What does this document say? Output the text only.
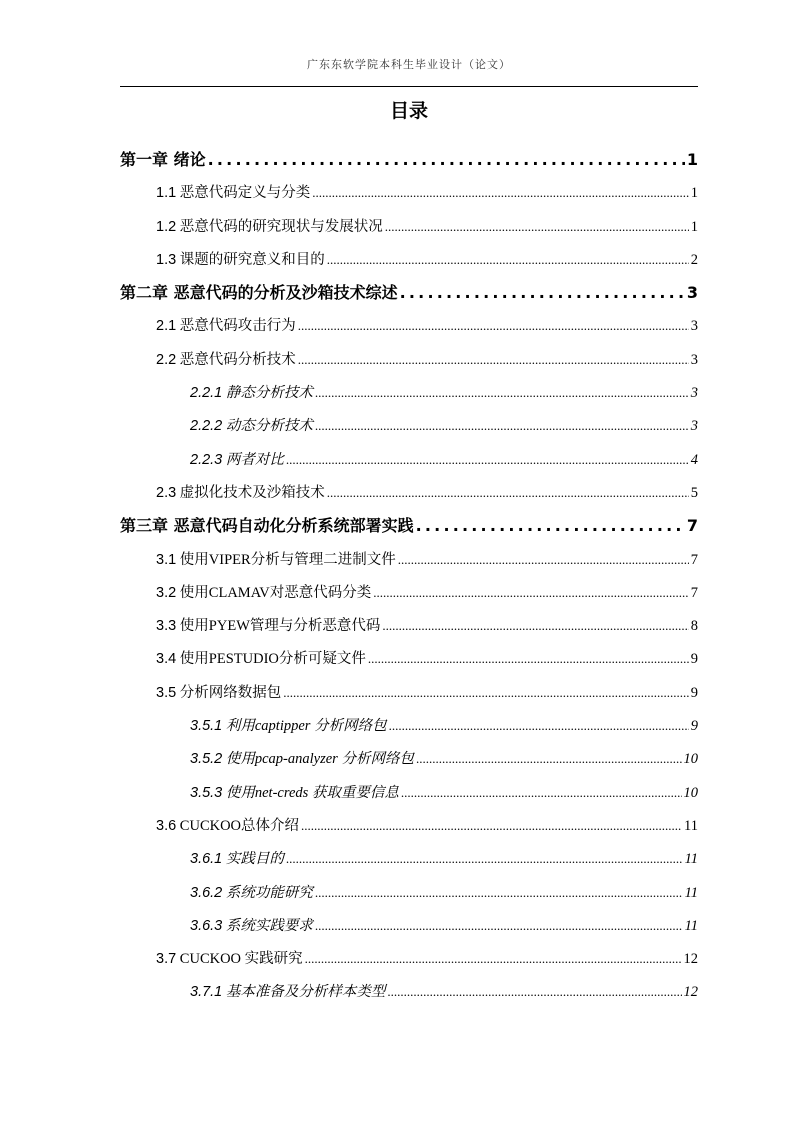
广东东软学院本科生毕业设计（论文）
目录
第一章 绪论 .....	1
1.1 恶意代码定义与分类 .....	1
1.2 恶意代码的研究现状与发展状况 .....	1
1.3 课题的研究意义和目的 .....	2
第二章 恶意代码的分析及沙箱技术综述 .....	3
2.1 恶意代码攻击行为 .....	3
2.2 恶意代码分析技术 .....	3
2.2.1 静态分析技术 .....	3
2.2.2 动态分析技术 .....	3
2.2.3 两者对比 .....	4
2.3 虚拟化技术及沙箱技术 .....	5
第三章 恶意代码自动化分析系统部署实践 .....	7
3.1 使用VIPER分析与管理二进制文件 .....	7
3.2 使用CLAMAV对恶意代码分类 .....	7
3.3 使用PYEW管理与分析恶意代码 .....	8
3.4 使用PESTUDIO分析可疑文件 .....	9
3.5 分析网络数据包 .....	9
3.5.1 利用captipper 分析网络包 .....	9
3.5.2 使用pcap-analyzer 分析网络包 .....	10
3.5.3 使用net-creds 获取重要信息 .....	10
3.6 CUCKOO总体介绍 .....	11
3.6.1 实践目的 .....	11
3.6.2 系统功能研究 .....	11
3.6.3 系统实践要求 .....	11
3.7 CUCKOO 实践研究 .....	12
3.7.1 基本准备及分析样本类型 .....	12
